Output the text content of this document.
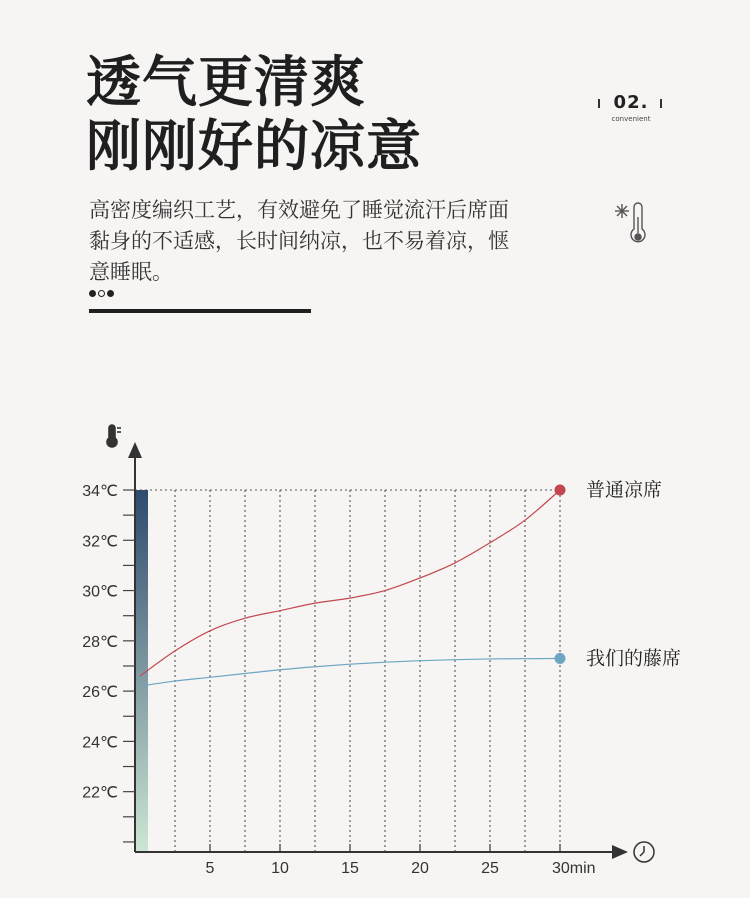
透气更清爽
刚刚好的凉意

高密度编织工艺，有效避免了睡觉流汗后席面黏身的不适感，长时间纳凉，也不易着凉，惬意睡眠。

02.
convenient
22℃
24℃
26℃
28℃
30℃
32℃
34℃
5	10	15	20	25	30min
普通凉席
我们的藤席
